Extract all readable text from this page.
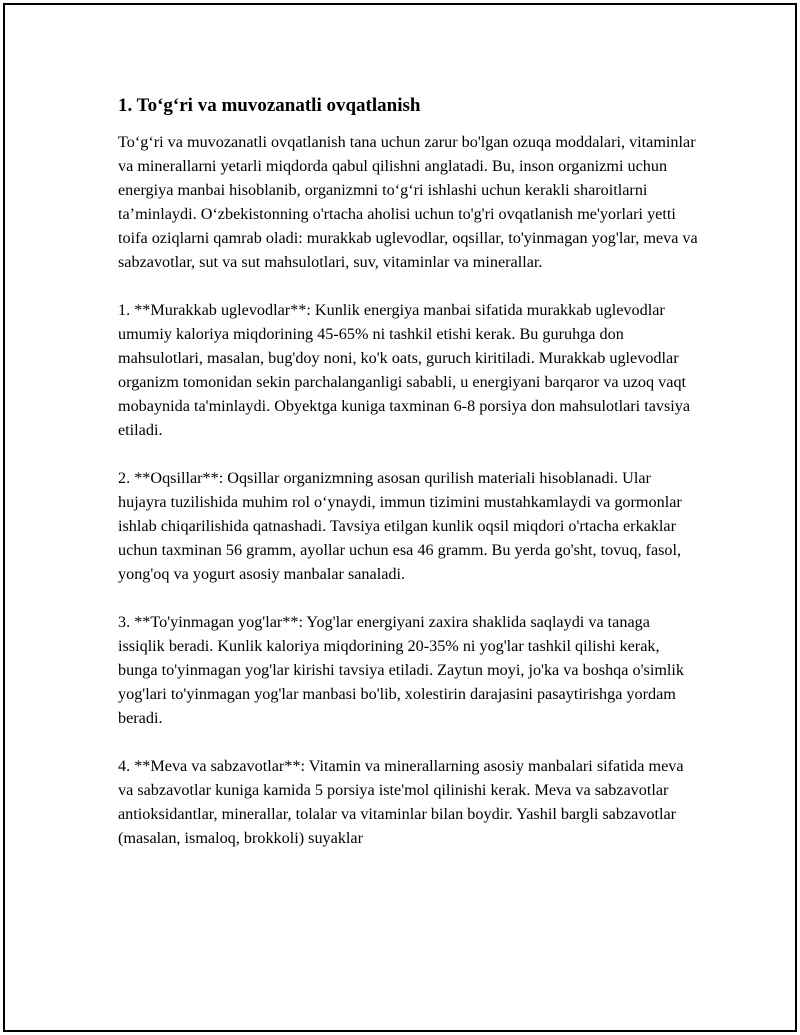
1. To‘g‘ri va muvozanatli ovqatlanish

To‘g‘ri va muvozanatli ovqatlanish tana uchun zarur bo'lgan ozuqa moddalari, vitaminlar va minerallarni yetarli miqdorda qabul qilishni anglatadi. Bu, inson organizmi uchun energiya manbai hisoblanib, organizmni to‘g‘ri ishlashi uchun kerakli sharoitlarni ta’minlaydi. O‘zbekistonning o'rtacha aholisi uchun to'g'ri ovqatlanish me'yorlari yetti toifa oziqlarni qamrab oladi: murakkab uglevodlar, oqsillar, to'yinmagan yog'lar, meva va sabzavotlar, sut va sut mahsulotlari, suv, vitaminlar va minerallar.

1. **Murakkab uglevodlar**: Kunlik energiya manbai sifatida murakkab uglevodlar umumiy kaloriya miqdorining 45-65% ni tashkil etishi kerak. Bu guruhga don mahsulotlari, masalan, bug'doy noni, ko'k oats, guruch kiritiladi. Murakkab uglevodlar organizm tomonidan sekin parchalanganligi sababli, u energiyani barqaror va uzoq vaqt mobaynida ta'minlaydi. Obyektga kuniga taxminan 6-8 porsiya don mahsulotlari tavsiya etiladi.

2. **Oqsillar**: Oqsillar organizmning asosan qurilish materiali hisoblanadi. Ular hujayra tuzilishida muhim rol o‘ynaydi, immun tizimini mustahkamlaydi va gormonlar ishlab chiqarilishida qatnashadi. Tavsiya etilgan kunlik oqsil miqdori o'rtacha erkaklar uchun taxminan 56 gramm, ayollar uchun esa 46 gramm. Bu yerda go'sht, tovuq, fasol, yong'oq va yogurt asosiy manbalar sanaladi.

3. **To'yinmagan yog'lar**: Yog'lar energiyani zaxira shaklida saqlaydi va tanaga issiqlik beradi. Kunlik kaloriya miqdorining 20-35% ni yog'lar tashkil qilishi kerak, bunga to'yinmagan yog'lar kirishi tavsiya etiladi. Zaytun moyi, jo'ka va boshqa o'simlik yog'lari to'yinmagan yog'lar manbasi bo'lib, xolestirin darajasini pasaytirishga yordam beradi.

4. **Meva va sabzavotlar**: Vitamin va minerallarning asosiy manbalari sifatida meva va sabzavotlar kuniga kamida 5 porsiya iste'mol qilinishi kerak. Meva va sabzavotlar antioksidantlar, minerallar, tolalar va vitaminlar bilan boydir. Yashil bargli sabzavotlar (masalan, ismaloq, brokkoli) suyaklar
